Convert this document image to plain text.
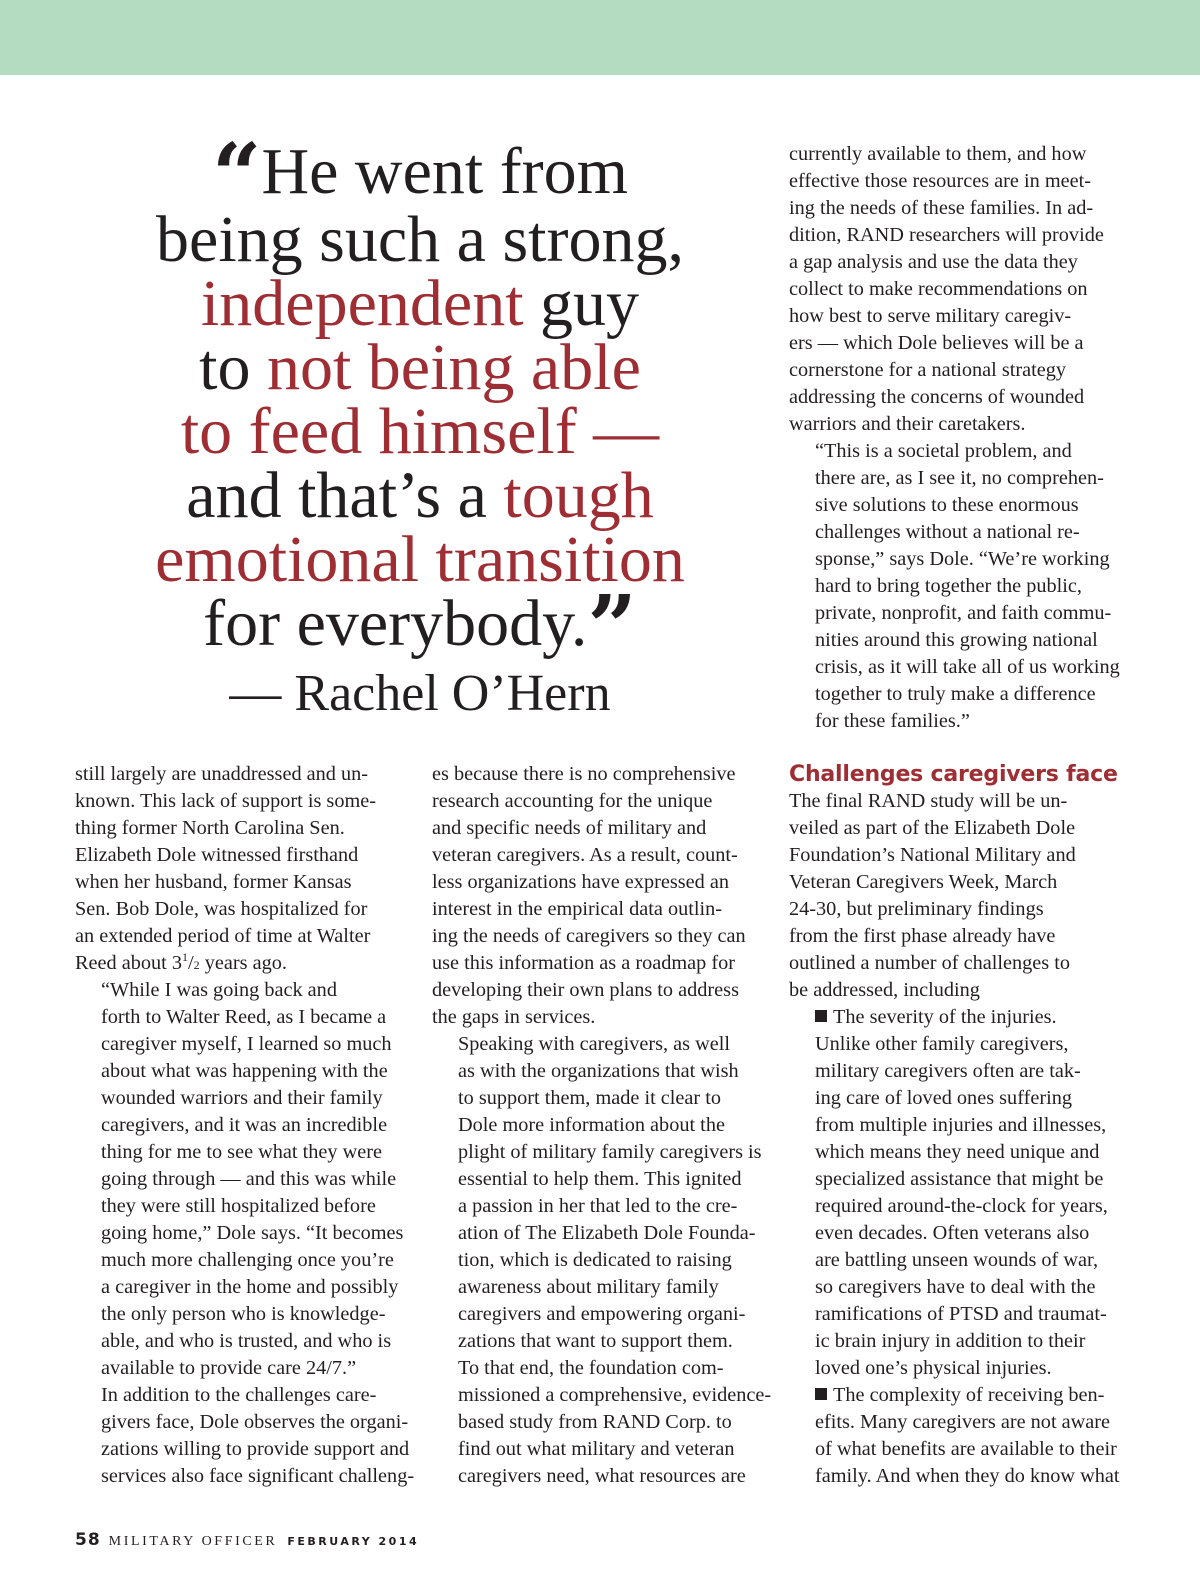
“He went from
being such a strong,
independent guy
to not being able
to feed himself —
and that’s a tough
emotional transition
for everybody.”
— Rachel O’Hern

currently available to them, and how
effective those resources are in meet-
ing the needs of these families. In ad-
dition, RAND researchers will provide
a gap analysis and use the data they
collect to make recommendations on
how best to serve military caregiv-
ers — which Dole believes will be a
cornerstone for a national strategy
addressing the concerns of wounded
warriors and their caretakers.

“This is a societal problem, and
there are, as I see it, no comprehen-
sive solutions to these enormous
challenges without a national re-
sponse,” says Dole. “We’re working
hard to bring together the public,
private, nonprofit, and faith commu-
nities around this growing national
crisis, as it will take all of us working
together to truly make a difference
for these families.”

still largely are unaddressed and un-
known. This lack of support is some-
thing former North Carolina Sen.
Elizabeth Dole witnessed firsthand
when her husband, former Kansas
Sen. Bob Dole, was hospitalized for
an extended period of time at Walter
Reed about $3^1/2$ years ago.

“While I was going back and
forth to Walter Reed, as I became a
caregiver myself, I learned so much
about what was happening with the
wounded warriors and their family
caregivers, and it was an incredible
thing for me to see what they were
going through — and this was while
they were still hospitalized before
going home,” Dole says. “It becomes
much more challenging once you’re
a caregiver in the home and possibly
the only person who is knowledge-
able, and who is trusted, and who is
available to provide care 24/7.”

In addition to the challenges care-
givers face, Dole observes the organi-
zations willing to provide support and
services also face significant challeng-

es because there is no comprehensive
research accounting for the unique
and specific needs of military and
veteran caregivers. As a result, count-
less organizations have expressed an
interest in the empirical data outlin-
ing the needs of caregivers so they can
use this information as a roadmap for
developing their own plans to address
the gaps in services.

Speaking with caregivers, as well
as with the organizations that wish
to support them, made it clear to
Dole more information about the
plight of military family caregivers is
essential to help them. This ignited
a passion in her that led to the cre-
ation of The Elizabeth Dole Founda-
tion, which is dedicated to raising
awareness about military family
caregivers and empowering organi-
zations that want to support them.

To that end, the foundation com-
missioned a comprehensive, evidence-
based study from RAND Corp. to
find out what military and veteran
caregivers need, what resources are

Challenges caregivers face

The final RAND study will be un-
veiled as part of the Elizabeth Dole
Foundation’s National Military and
Veteran Caregivers Week, March
24-30, but preliminary findings
from the first phase already have
outlined a number of challenges to
be addressed, including

The severity of the injuries.
Unlike other family caregivers,
military caregivers often are tak-
ing care of loved ones suffering
from multiple injuries and illnesses,
which means they need unique and
specialized assistance that might be
required around-the-clock for years,
even decades. Often veterans also
are battling unseen wounds of war,
so caregivers have to deal with the
ramifications of PTSD and traumat-
ic brain injury in addition to their
loved one’s physical injuries.

The complexity of receiving ben-
efits. Many caregivers are not aware
of what benefits are available to their
family. And when they do know what

58 MILITARY OFFICER FEBRUARY 2014
